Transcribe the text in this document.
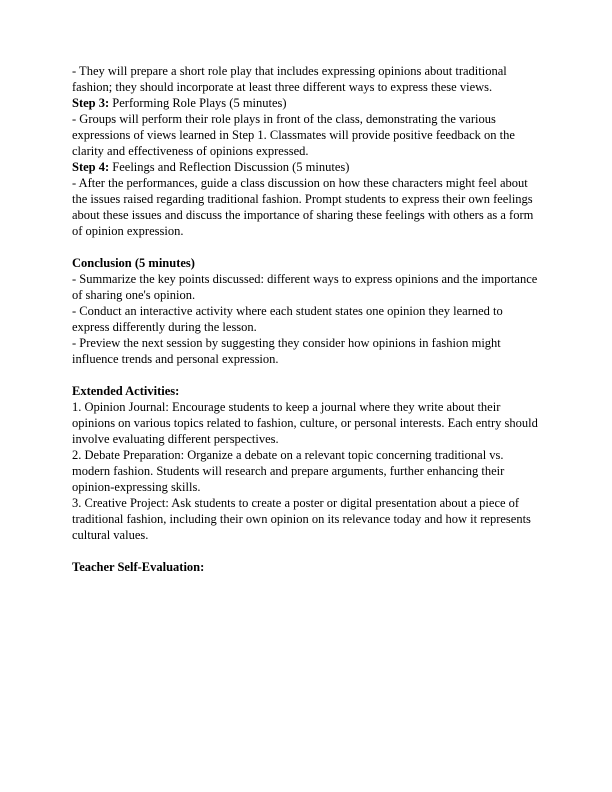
- They will prepare a short role play that includes expressing opinions about traditional fashion; they should incorporate at least three different ways to express these views.

Step 3: Performing Role Plays (5 minutes)

- Groups will perform their role plays in front of the class, demonstrating the various expressions of views learned in Step 1. Classmates will provide positive feedback on the clarity and effectiveness of opinions expressed.

Step 4: Feelings and Reflection Discussion (5 minutes)

- After the performances, guide a class discussion on how these characters might feel about the issues raised regarding traditional fashion. Prompt students to express their own feelings about these issues and discuss the importance of sharing these feelings with others as a form of opinion expression.

Conclusion (5 minutes)

- Summarize the key points discussed: different ways to express opinions and the importance of sharing one's opinion.

- Conduct an interactive activity where each student states one opinion they learned to express differently during the lesson.

- Preview the next session by suggesting they consider how opinions in fashion might influence trends and personal expression.

Extended Activities:

1. Opinion Journal: Encourage students to keep a journal where they write about their opinions on various topics related to fashion, culture, or personal interests. Each entry should involve evaluating different perspectives.

2. Debate Preparation: Organize a debate on a relevant topic concerning traditional vs. modern fashion. Students will research and prepare arguments, further enhancing their opinion-expressing skills.

3. Creative Project: Ask students to create a poster or digital presentation about a piece of traditional fashion, including their own opinion on its relevance today and how it represents cultural values.

Teacher Self-Evaluation:
